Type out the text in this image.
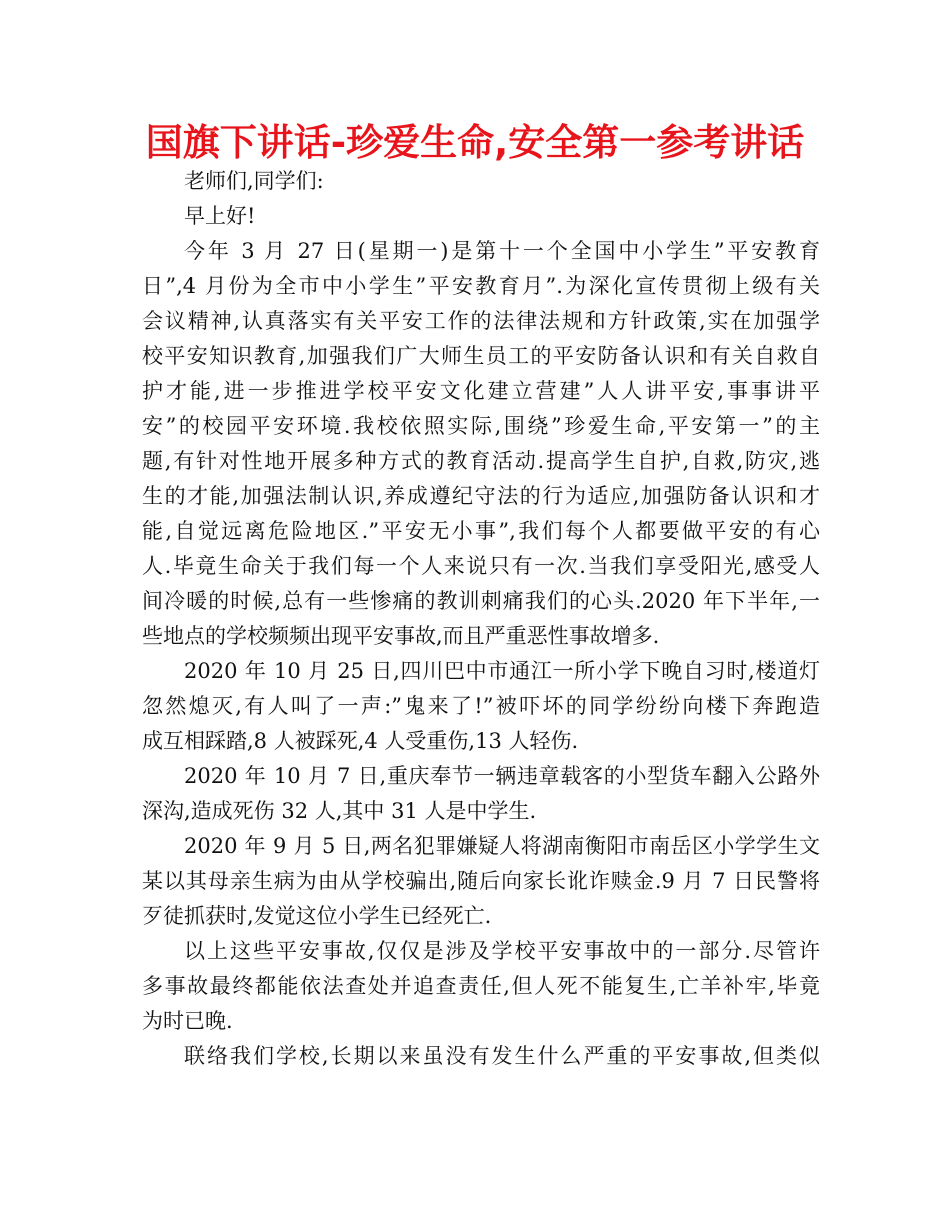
国旗下讲话-珍爱生命,安全第一参考讲话
老师们,同学们:
早上好!
今年 3 月 27 日(星期一)是第十一个全国中小学生”平安教育
日”,4 月份为全市中小学生”平安教育月”.为深化宣传贯彻上级有关
会议精神,认真落实有关平安工作的法律法规和方针政策,实在加强学
校平安知识教育,加强我们广大师生员工的平安防备认识和有关自救自
护才能,进一步推进学校平安文化建立营建”人人讲平安,事事讲平
安”的校园平安环境.我校依照实际,围绕”珍爱生命,平安第一”的主
题,有针对性地开展多种方式的教育活动.提高学生自护,自救,防灾,逃
生的才能,加强法制认识,养成遵纪守法的行为适应,加强防备认识和才
能,自觉远离危险地区.”平安无小事”,我们每个人都要做平安的有心
人.毕竟生命关于我们每一个人来说只有一次.当我们享受阳光,感受人
间冷暖的时候,总有一些惨痛的教训刺痛我们的心头.2020 年下半年,一
些地点的学校频频出现平安事故,而且严重恶性事故增多.
2020 年 10 月 25 日,四川巴中市通江一所小学下晚自习时,楼道灯
忽然熄灭,有人叫了一声:”鬼来了!”被吓坏的同学纷纷向楼下奔跑造
成互相踩踏,8 人被踩死,4 人受重伤,13 人轻伤.
2020 年 10 月 7 日,重庆奉节一辆违章载客的小型货车翻入公路外
深沟,造成死伤 32 人,其中 31 人是中学生.
2020 年 9 月 5 日,两名犯罪嫌疑人将湖南衡阳市南岳区小学学生文
某以其母亲生病为由从学校骗出,随后向家长讹诈赎金.9 月 7 日民警将
歹徒抓获时,发觉这位小学生已经死亡.
以上这些平安事故,仅仅是涉及学校平安事故中的一部分.尽管许
多事故最终都能依法查处并追查责任,但人死不能复生,亡羊补牢,毕竟
为时已晚.
联络我们学校,长期以来虽没有发生什么严重的平安事故,但类似
